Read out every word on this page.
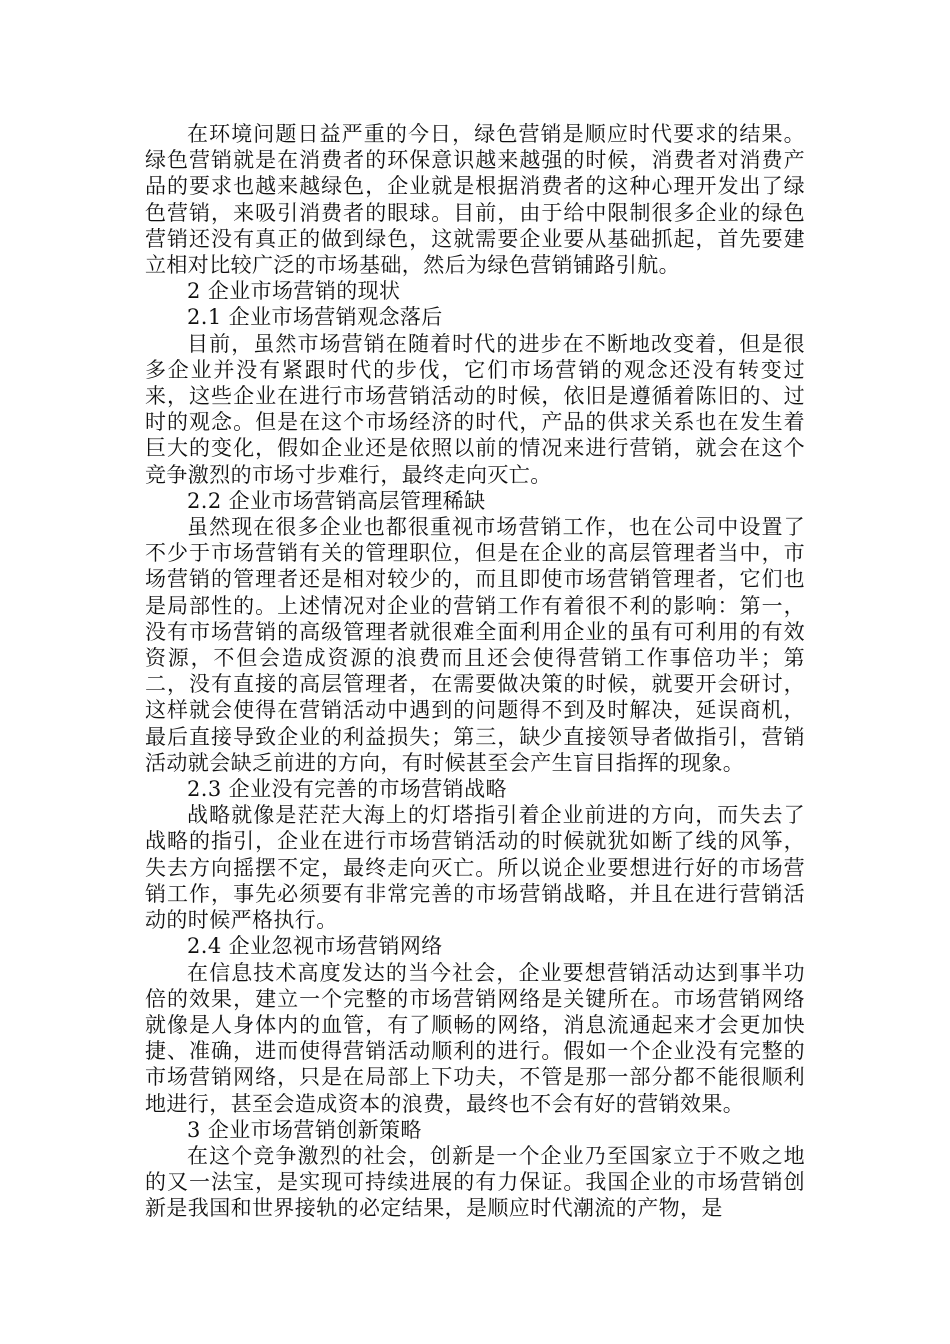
在环境问题日益严重的今日，绿色营销是顺应时代要求的结果。绿色营销就是在消费者的环保意识越来越强的时候，消费者对消费产品的要求也越来越绿色，企业就是根据消费者的这种心理开发出了绿色营销，来吸引消费者的眼球。目前，由于给中限制很多企业的绿色营销还没有真正的做到绿色，这就需要企业要从基础抓起，首先要建立相对比较广泛的市场基础，然后为绿色营销铺路引航。

2 企业市场营销的现状

2.1 企业市场营销观念落后

目前，虽然市场营销在随着时代的进步在不断地改变着，但是很多企业并没有紧跟时代的步伐，它们市场营销的观念还没有转变过来，这些企业在进行市场营销活动的时候，依旧是遵循着陈旧的、过时的观念。但是在这个市场经济的时代，产品的供求关系也在发生着巨大的变化，假如企业还是依照以前的情况来进行营销，就会在这个竞争激烈的市场寸步难行，最终走向灭亡。

2.2 企业市场营销高层管理稀缺

虽然现在很多企业也都很重视市场营销工作，也在公司中设置了不少于市场营销有关的管理职位，但是在企业的高层管理者当中，市场营销的管理者还是相对较少的，而且即使市场营销管理者，它们也是局部性的。上述情况对企业的营销工作有着很不利的影响：第一，没有市场营销的高级管理者就很难全面利用企业的虽有可利用的有效资源，不但会造成资源的浪费而且还会使得营销工作事倍功半；第二，没有直接的高层管理者，在需要做决策的时候，就要开会研讨，这样就会使得在营销活动中遇到的问题得不到及时解决，延误商机，最后直接导致企业的利益损失；第三，缺少直接领导者做指引，营销活动就会缺乏前进的方向，有时候甚至会产生盲目指挥的现象。

2.3 企业没有完善的市场营销战略

战略就像是茫茫大海上的灯塔指引着企业前进的方向，而失去了战略的指引，企业在进行市场营销活动的时候就犹如断了线的风筝，失去方向摇摆不定，最终走向灭亡。所以说企业要想进行好的市场营销工作，事先必须要有非常完善的市场营销战略，并且在进行营销活动的时候严格执行。

2.4 企业忽视市场营销网络

在信息技术高度发达的当今社会，企业要想营销活动达到事半功倍的效果，建立一个完整的市场营销网络是关键所在。市场营销网络就像是人身体内的血管，有了顺畅的网络，消息流通起来才会更加快捷、准确，进而使得营销活动顺利的进行。假如一个企业没有完整的市场营销网络，只是在局部上下功夫，不管是那一部分都不能很顺利地进行，甚至会造成资本的浪费，最终也不会有好的营销效果。

3 企业市场营销创新策略

在这个竞争激烈的社会，创新是一个企业乃至国家立于不败之地的又一法宝，是实现可持续进展的有力保证。我国企业的市场营销创新是我国和世界接轨的必定结果，是顺应时代潮流的产物，是
